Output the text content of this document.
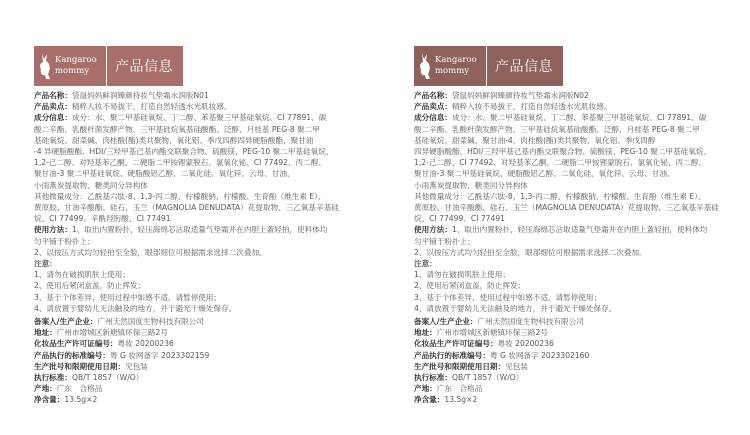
Kangaroo
mommy	产品信息

产品名称：袋鼠妈妈鲜润臻颜持妆气垫霜水润版N01

产品卖点：精粹入妆不易拔干，打造自然轻透水光肌妆感。

成分信息：成分：水、聚二甲基硅氧烷、丁二醇、苯基聚三甲基硅氧烷、CI 77891、碳

酸二辛酯、乳酸杆菌发酵产物、三甲基硅烷氧基硅酸酯、泛醇、月桂基 PEG-8 聚二甲

基硅氧烷、甜菜碱、肉桂酸(酯)类共聚物、氧化铝、季戊四醇四异硬脂酸酯、聚甘油

-4 异硬脂酸酯、HDI/三羟甲基己基内酯交联聚合物、硫酸镁、PEG-10 聚二甲基硅氧烷、

1,2-己二醇、对羟基苯乙酮、二硬脂二甲铵锂蒙脱石、氯氧化铋、CI 77492、丙二醇、

聚甘油-3 聚二甲基硅氧烷、硬脂酸铝乙醇、二氧化硅、氧化锌、云母、甘油、

小雨燕炭提取物、糖类同分异构体

其他微量成分：乙酰基六肽-8、1,3-丙二醇、柠檬酸钠、柠檬酸、生育酚（维生素 E）、

黄原胶、甘油辛酸酯、硅石、玉兰（MAGNOLIA DENUDATA）花提取物、三乙氧基辛基硅

烷、CI 77499、辛酰羟肟酸、CI 77491

使用方法：1、取出内置粉扑，轻压海绵芯沾取适量气垫霜并在内胆上蓋轻拍，使料体均

匀平铺于粉扑上；

2、以按压方式均匀轻拍至全脸，眼部细位可根据需求选择二次叠加。

注意：

1、请勿在破损肌肤上使用；

2、使用后紧闭盒盖，防止挥发；

3、基于个体差异，使用过程中如感不适，请暂停使用；

4、请放置于婴幼儿无法触及的地方，并于避光干燥处保存。

备案人/生产企业：广州天然国度生物科技有限公司

地址：广州市增城区新塘镇环保三路2号

化妆品生产许可证编号：粤妆 20200236

产品执行的标准编号：粤 G 妆网备字 2023302159

生产批号和限期使用日期：见包装

执行标准：QB/T 1857（W/O）

产地：广东　合格品

净含量：13.5g×2

Kangaroo
mommy	产品信息

产品名称：袋鼠妈妈鲜润臻颜持妆气垫霜水润版N02

产品卖点：精粹入妆不易拔干，打造自然轻透水光肌妆感。

成分信息：成分：水、聚二甲基硅氧烷、丁二醇、苯基聚三甲基硅氧烷、CI 77891、碳

酸二辛酯、乳酸杆菌发酵产物、三甲基硅烷氧基硅酸酯、泛醇、月桂基 PEG-8 聚二甲

基硅氧烷、甜菜碱、聚甘油-4、肉桂酸(酯)类共聚物、氧化铝、季戊四醇

四异硬脂酸酯、HDI/三羟甲基己基内酯交联聚合物、硫酸镁、PEG-10 聚二甲基硅氧烷、

1,2-己二醇、CI 77492、对羟基苯乙酮、二硬脂二甲铵锂蒙脱石、氯氧化铋、丙二醇、

聚甘油-3 聚二甲基硅氧烷、硬脂酸铝乙醇、二氧化硅、氧化锌、云母、甘油、

小雨燕炭提取物、糖类同分异构体

其他微量成分：乙酰基六肽-8、1,3-丙二醇、柠檬酸钠、柠檬酸、生育酚（维生素 E）、

黄原胶、甘油辛酸酯、硅石、玉兰（MAGNOLIA DENUDATA）花提取物、三乙氧基辛基硅

烷、CI 77499、CI 77491

使用方法：1、取出内置粉扑，轻压海绵芯沾取适量气垫霜并在内胆上蓋轻拍，使料体均

匀平铺于粉扑上；

2、以按压方式均匀轻拍至全脸，眼部细位可根据需求选择二次叠加。

注意：

1、请勿在破损肌肤上使用；

2、使用后紧闭盒盖，防止挥发；

3、基于个体差异，使用过程中如感不适，请暂停使用；

4、请放置于婴幼儿无法触及的地方，并于避光干燥处保存。

备案人/生产企业：广州天然国度生物科技有限公司

地址：广州市增城区新塘镇环保三路2号

化妆品生产许可证编号：粤妆 20200236

产品执行的标准编号：粤 G 妆网备字 2023302160

生产批号和限期使用日期：见包装

执行标准：QB/T 1857（W/O）

产地：广东　合格品

净含量：13.5g×2
